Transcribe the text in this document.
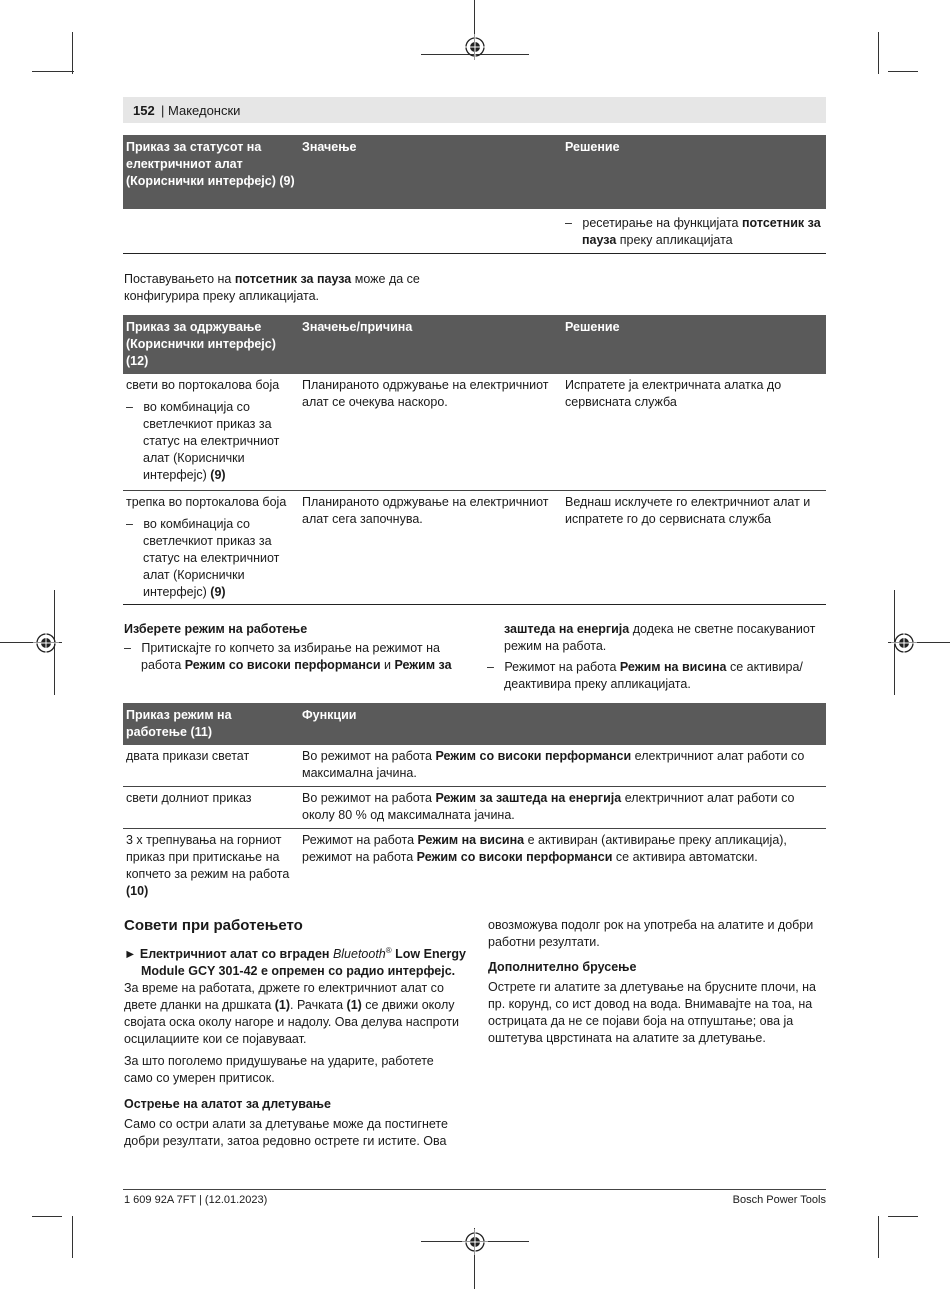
152 | Македонски
Приказ за статусот на електричниот алат (Кориснички интерфејс) (9)	Значење	Решение

		– ресетирање на функцијата потсетник за пауза преку апликацијата
Поставувањето на потсетник за пауза може да се конфигурира преку апликацијата.
Приказ за одржување (Кориснички интерфејс) (12)	Значење/причина	Решение

свети во портокалова боја
– во комбинација со светлечкиот приказ за статус на електричниот алат (Кориснички интерфејс) (9)	Планираното одржување на електричниот алат се очекува наскоро.	Испратете ја електричната алатка до сервисната служба

трепка во портокалова боја
– во комбинација со светлечкиот приказ за статус на електричниот алат (Кориснички интерфејс) (9)	Планираното одржување на електричниот алат сега започнува.	Веднаш исклучете го електричниот алат и испратете го до сервисната служба
Изберете режим на работење
– Притискајте го копчето за избирање на режимот на работа Режим со високи перформанси и Режим за
заштеда на енергија додека не светне посакуваниот режим на работа.
– Режимот на работа Режим на висина се активира/ деактивира преку апликацијата.
Приказ режим на работење (11)	Функции
двата прикази светат	Во режимот на работа Режим со високи перформанси електричниот алат работи со максимална јачина.
свети долниот приказ	Во режимот на работа Режим за заштеда на енергија електричниот алат работи со околу 80 % од максималната јачина.
3 x трепнувања на горниот приказ при притискање на копчето за режим на работа (10)	Режимот на работа Режим на висина е активиран (активирање преку апликација), режимот на работа Режим со високи перформанси се активира автоматски.
Совети при работењето
► Електричниот алат со вграден Bluetooth® Low Energy Module GCY 301-42 е опремен со радио интерфејс.
За време на работата, држете го електричниот алат со двете дланки на дршката (1). Рачката (1) се движи околу својата оска околу нагоре и надолу. Ова делува наспроти осцилациите кои се појавуваат.
За што поголемо придушување на ударите, работете само со умерен притисок.
Острење на алатот за длетување
Само со остри алати за длетување може да постигнете добри резултати, затоа редовно острете ги истите. Ова
овозможува подолг рок на употреба на алатите и добри работни резултати.
Дополнително брусење
Острете ги алатите за длетување на брусните плочи, на пр. корунд, со ист довод на вода. Внимавајте на тоа, на острицата да не се појави боја на отпуштање; ова ја оштетува цврстината на алатите за длетување.
1 609 92A 7FT | (12.01.2023)	Bosch Power Tools
